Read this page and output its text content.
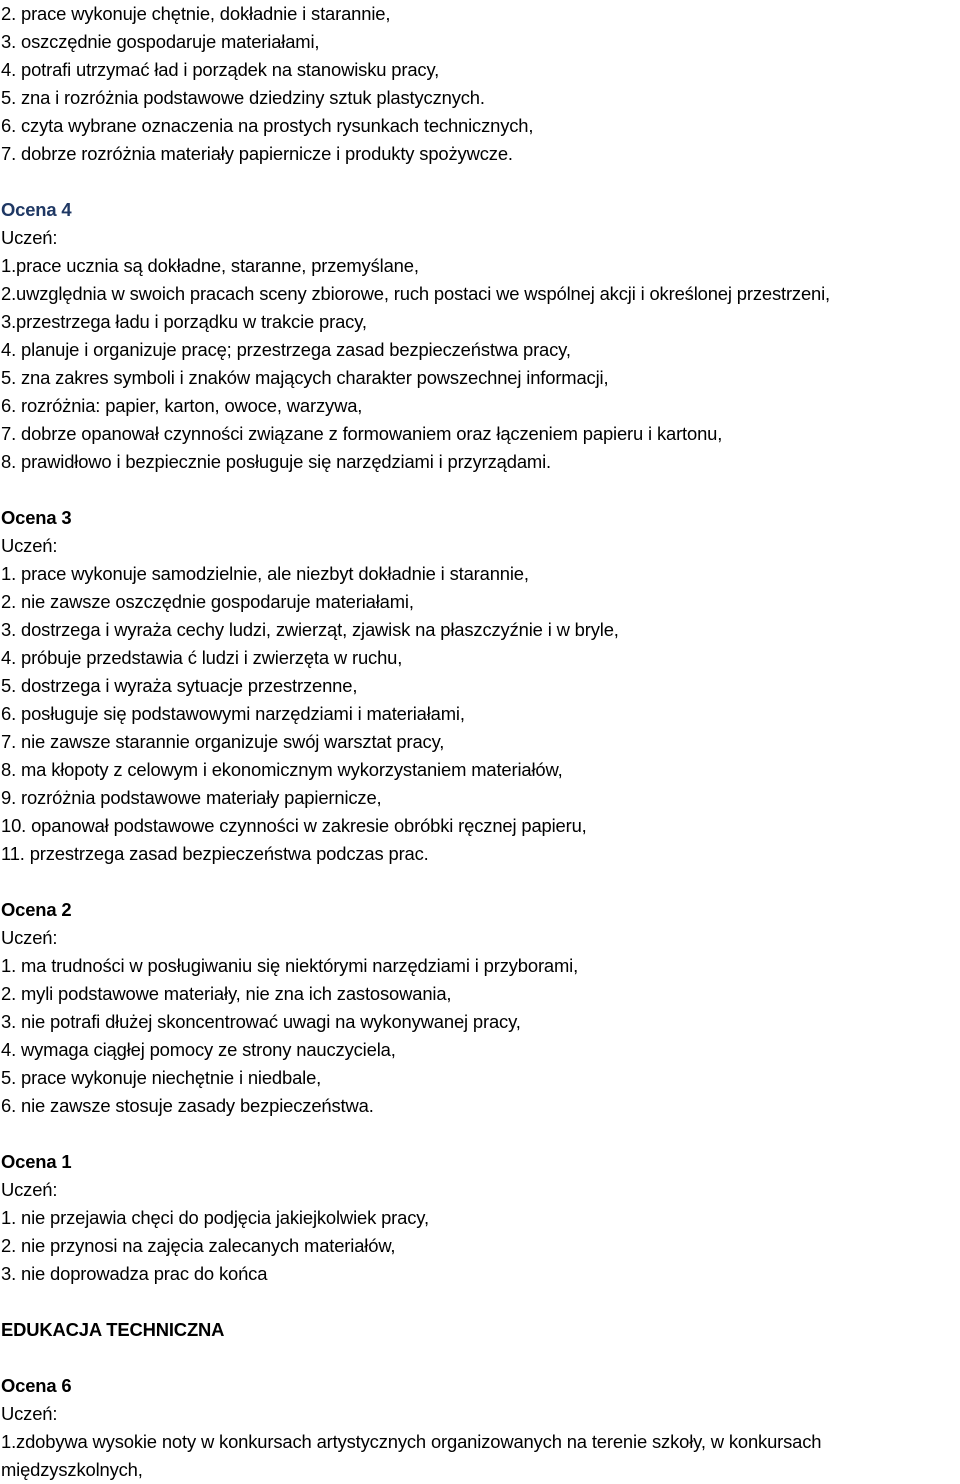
2. prace wykonuje chętnie, dokładnie i starannie,
3. oszczędnie gospodaruje materiałami,
4. potrafi utrzymać ład i porządek na stanowisku pracy,
5. zna i rozróżnia podstawowe dziedziny sztuk plastycznych.
6. czyta wybrane oznaczenia na prostych rysunkach technicznych,
7. dobrze rozróżnia materiały papiernicze i produkty spożywcze.
Ocena 4
Uczeń:
1.prace ucznia są dokładne, staranne, przemyślane,
2.uwzględnia w swoich pracach sceny zbiorowe, ruch postaci we wspólnej akcji i określonej przestrzeni,
3.przestrzega ładu i porządku w trakcie pracy,
4. planuje i organizuje pracę; przestrzega zasad bezpieczeństwa pracy,
5. zna zakres symboli i znaków mających charakter powszechnej informacji,
6. rozróżnia: papier, karton, owoce, warzywa,
7. dobrze opanował czynności związane z formowaniem oraz łączeniem papieru i kartonu,
8. prawidłowo i bezpiecznie posługuje się narzędziami i przyrządami.
Ocena 3
Uczeń:
1. prace wykonuje samodzielnie, ale niezbyt dokładnie i starannie,
2. nie zawsze oszczędnie gospodaruje materiałami,
3. dostrzega i wyraża cechy ludzi, zwierząt, zjawisk na płaszczyźnie i w bryle,
4. próbuje przedstawia ć ludzi i zwierzęta w ruchu,
5. dostrzega i wyraża sytuacje przestrzenne,
6. posługuje się podstawowymi narzędziami i materiałami,
7. nie zawsze starannie organizuje swój warsztat pracy,
8. ma kłopoty z celowym i ekonomicznym wykorzystaniem materiałów,
9. rozróżnia podstawowe materiały papiernicze,
10. opanował podstawowe czynności w zakresie obróbki ręcznej papieru,
11. przestrzega zasad bezpieczeństwa podczas prac.
Ocena 2
Uczeń:
1. ma trudności w posługiwaniu się niektórymi narzędziami i przyborami,
2. myli podstawowe materiały, nie zna ich zastosowania,
3. nie potrafi dłużej skoncentrować uwagi na wykonywanej pracy,
4. wymaga ciągłej pomocy ze strony nauczyciela,
5. prace wykonuje niechętnie i niedbale,
6. nie zawsze stosuje zasady bezpieczeństwa.
Ocena 1
Uczeń:
1. nie przejawia chęci do podjęcia jakiejkolwiek pracy,
2. nie przynosi na zajęcia zalecanych materiałów,
3. nie doprowadza prac do końca
EDUKACJA TECHNICZNA
Ocena 6
Uczeń:
1.zdobywa wysokie noty w konkursach artystycznych organizowanych na terenie szkoły, w konkursach
międzyszkolnych,
